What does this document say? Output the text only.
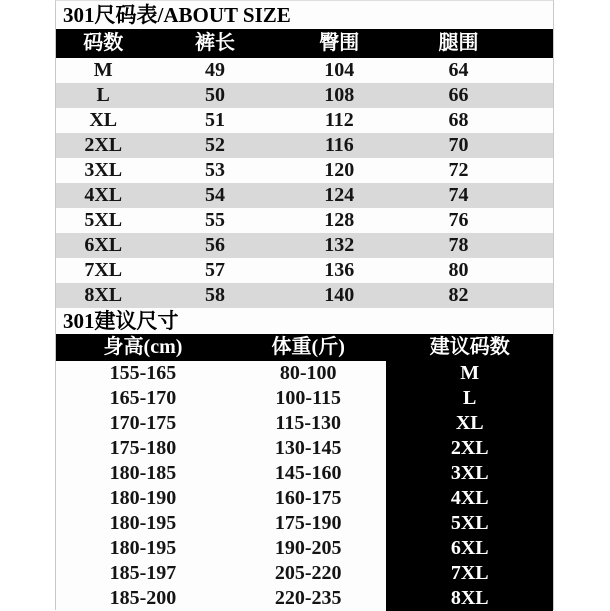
301尺码表/ABOUT SIZE
码数	裤长	臀围	腿围
M	49	104	64
L	50	108	66
XL	51	112	68
2XL	52	116	70
3XL	53	120	72
4XL	54	124	74
5XL	55	128	76
6XL	56	132	78
7XL	57	136	80
8XL	58	140	82
301建议尺寸
身高(cm)	体重(斤)	建议码数
155-165	80-100	M
165-170	100-115	L
170-175	115-130	XL
175-180	130-145	2XL
180-185	145-160	3XL
180-190	160-175	4XL
180-195	175-190	5XL
180-195	190-205	6XL
185-197	205-220	7XL
185-200	220-235	8XL
